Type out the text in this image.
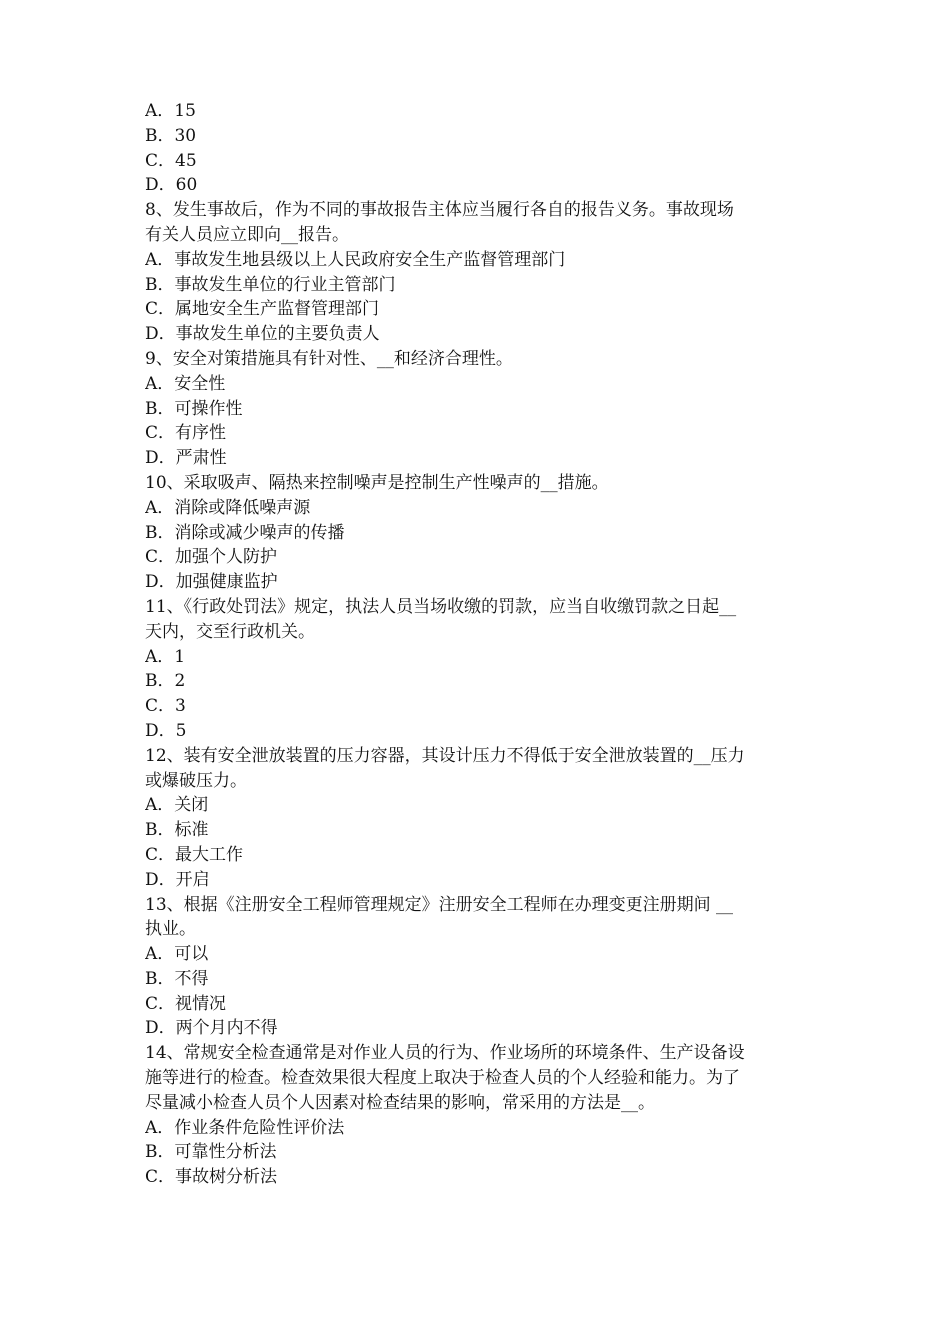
A．15
B．30
C．45
D．60
8、发生事故后，作为不同的事故报告主体应当履行各自的报告义务。事故现场
有关人员应立即向__报告。
A．事故发生地县级以上人民政府安全生产监督管理部门
B．事故发生单位的行业主管部门
C．属地安全生产监督管理部门
D．事故发生单位的主要负责人
9、安全对策措施具有针对性、__和经济合理性。
A．安全性
B．可操作性
C．有序性
D．严肃性
10、采取吸声、隔热来控制噪声是控制生产性噪声的__措施。
A．消除或降低噪声源
B．消除或减少噪声的传播
C．加强个人防护
D．加强健康监护
11、《行政处罚法》规定，执法人员当场收缴的罚款，应当自收缴罚款之日起__
天内，交至行政机关。
A．1
B．2
C．3
D．5
12、装有安全泄放装置的压力容器，其设计压力不得低于安全泄放装置的__压力
或爆破压力。
A．关闭
B．标准
C．最大工作
D．开启
13、根据《注册安全工程师管理规定》注册安全工程师在办理变更注册期间 __
执业。
A．可以
B．不得
C．视情况
D．两个月内不得
14、常规安全检查通常是对作业人员的行为、作业场所的环境条件、生产设备设
施等进行的检查。检查效果很大程度上取决于检查人员的个人经验和能力。为了
尽量减小检查人员个人因素对检查结果的影响，常采用的方法是__。
A．作业条件危险性评价法
B．可靠性分析法
C．事故树分析法
